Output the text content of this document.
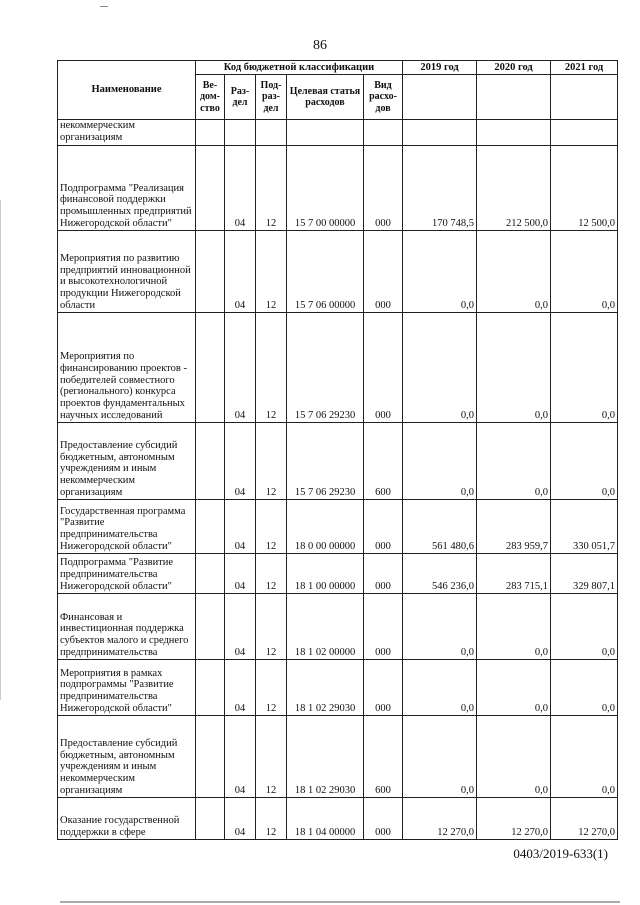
86
Наименование	Код бюджетной классификации					2019 год	2020 год	2021 год
	Ве-дом-ство	Раз-дел	Под-раз-дел	Целевая статья расходов	Вид расхо-дов			
некоммерческим организациям								
Подпрограмма "Реализация финансовой поддержки промышленных предприятий Нижегородской области"		04	12	15 7 00 00000	000	170 748,5	212 500,0	12 500,0
Мероприятия по развитию предприятий инновационной и высокотехнологичной продукции Нижегородской области		04	12	15 7 06 00000	000	0,0	0,0	0,0
Мероприятия по финансированию проектов - победителей совместного (регионального) конкурса проектов фундаментальных научных исследований		04	12	15 7 06 29230	000	0,0	0,0	0,0
Предоставление субсидий бюджетным, автономным учреждениям и иным некоммерческим организациям		04	12	15 7 06 29230	600	0,0	0,0	0,0
Государственная программа "Развитие предпринимательства Нижегородской области"		04	12	18 0 00 00000	000	561 480,6	283 959,7	330 051,7
Подпрограмма "Развитие предпринимательства Нижегородской области"		04	12	18 1 00 00000	000	546 236,0	283 715,1	329 807,1
Финансовая и инвестиционная поддержка субъектов малого и среднего предпринимательства		04	12	18 1 02 00000	000	0,0	0,0	0,0
Мероприятия в рамках подпрограммы "Развитие предпринимательства Нижегородской области"		04	12	18 1 02 29030	000	0,0	0,0	0,0
Предоставление субсидий бюджетным, автономным учреждениям и иным некоммерческим организациям		04	12	18 1 02 29030	600	0,0	0,0	0,0
Оказание государственной поддержки в сфере		04	12	18 1 04 00000	000	12 270,0	12 270,0	12 270,0
0403/2019-633(1)
